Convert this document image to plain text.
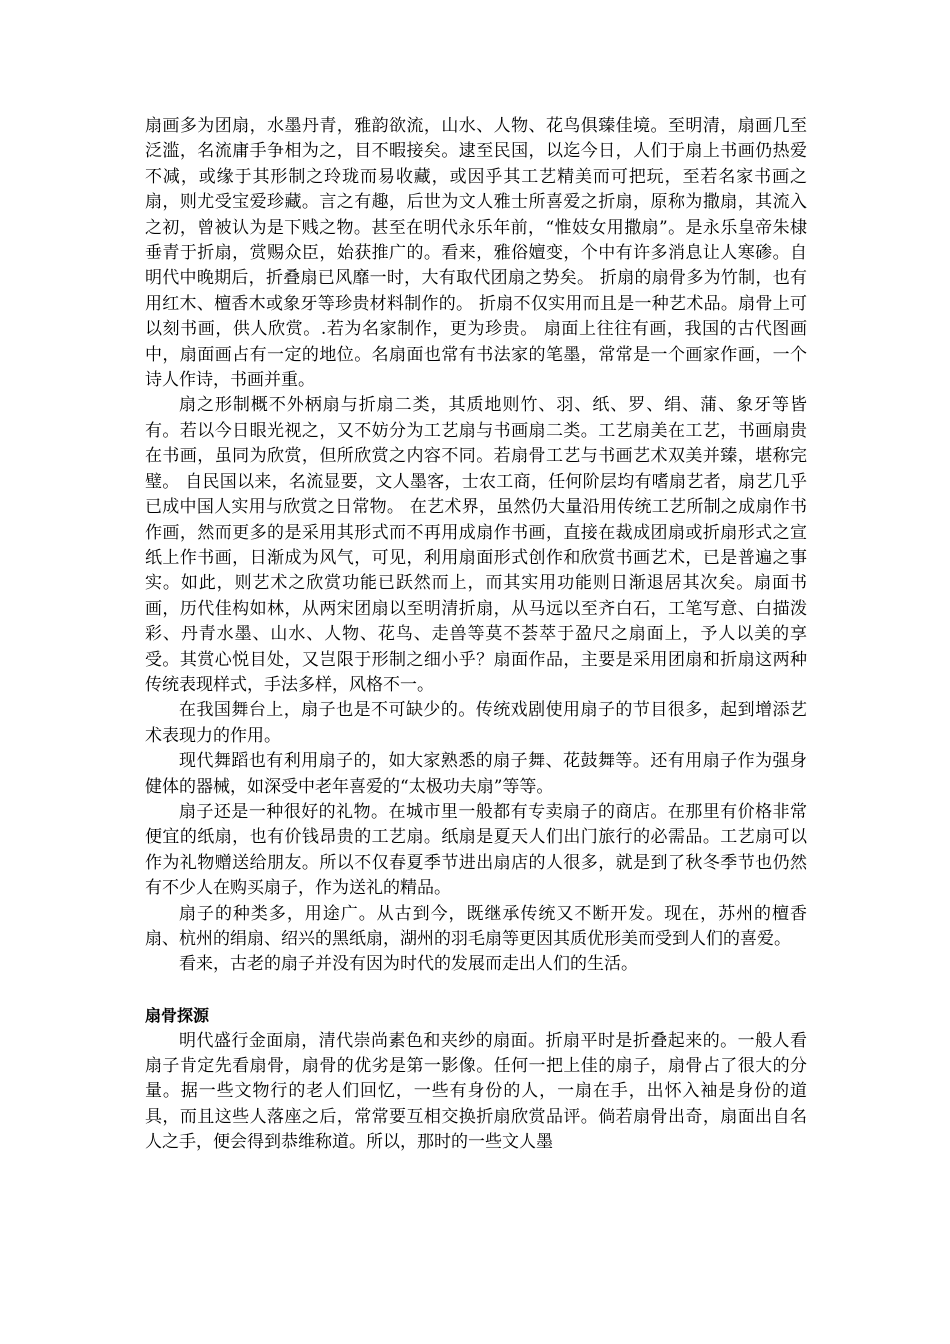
扇画多为团扇，水墨丹青，雅韵欲流，山水、人物、花鸟俱臻佳境。至明清，扇画几至泛滥，名流庸手争相为之，目不暇接矣。逮至民国，以迄今日，人们于扇上书画仍热爱不减，或缘于其形制之玲珑而易收藏，或因乎其工艺精美而可把玩，至若名家书画之扇，则尤受宝爱珍藏。言之有趣，后世为文人雅士所喜爱之折扇，原称为撒扇，其流入之初，曾被认为是下贱之物。甚至在明代永乐年前，“惟妓女用撒扇”。是永乐皇帝朱棣垂青于折扇，赏赐众臣，始获推广的。看来，雅俗嬗变，个中有许多消息让人寒碜。自明代中晚期后，折叠扇已风靡一时，大有取代团扇之势矣。 折扇的扇骨多为竹制，也有用红木、檀香木或象牙等珍贵材料制作的。 折扇不仅实用而且是一种艺术品。扇骨上可以刻书画，供人欣赏。.若为名家制作，更为珍贵。 扇面上往往有画，我国的古代图画中，扇面画占有一定的地位。名扇面也常有书法家的笔墨，常常是一个画家作画，一个诗人作诗，书画并重。

扇之形制概不外柄扇与折扇二类，其质地则竹、羽、纸、罗、绢、蒲、象牙等皆有。若以今日眼光视之，又不妨分为工艺扇与书画扇二类。工艺扇美在工艺，书画扇贵在书画，虽同为欣赏，但所欣赏之内容不同。若扇骨工艺与书画艺术双美并臻，堪称完璧。 自民国以来，名流显要，文人墨客，士农工商，任何阶层均有嗜扇艺者，扇艺几乎已成中国人实用与欣赏之日常物。 在艺术界，虽然仍大量沿用传统工艺所制之成扇作书作画，然而更多的是采用其形式而不再用成扇作书画，直接在裁成团扇或折扇形式之宣纸上作书画，日渐成为风气，可见，利用扇面形式创作和欣赏书画艺术，已是普遍之事实。如此，则艺术之欣赏功能已跃然而上，而其实用功能则日渐退居其次矣。扇面书画，历代佳构如林，从两宋团扇以至明清折扇，从马远以至齐白石，工笔写意、白描泼彩、丹青水墨、山水、人物、花鸟、走兽等莫不荟萃于盈尺之扇面上，予人以美的享受。其赏心悦目处，又岂限于形制之细小乎？扇面作品，主要是采用团扇和折扇这两种传统表现样式，手法多样，风格不一。

在我国舞台上，扇子也是不可缺少的。传统戏剧使用扇子的节目很多，起到增添艺术表现力的作用。

现代舞蹈也有利用扇子的，如大家熟悉的扇子舞、花鼓舞等。还有用扇子作为强身健体的器械，如深受中老年喜爱的“太极功夫扇”等等。

扇子还是一种很好的礼物。在城市里一般都有专卖扇子的商店。在那里有价格非常便宜的纸扇，也有价钱昂贵的工艺扇。纸扇是夏天人们出门旅行的必需品。工艺扇可以作为礼物赠送给朋友。所以不仅春夏季节进出扇店的人很多，就是到了秋冬季节也仍然有不少人在购买扇子，作为送礼的精品。

扇子的种类多，用途广。从古到今，既继承传统又不断开发。现在，苏州的檀香扇、杭州的绢扇、绍兴的黑纸扇，湖州的羽毛扇等更因其质优形美而受到人们的喜爱。

看来，古老的扇子并没有因为时代的发展而走出人们的生活。

扇骨探源

明代盛行金面扇，清代崇尚素色和夹纱的扇面。折扇平时是折叠起来的。一般人看扇子肯定先看扇骨，扇骨的优劣是第一影像。任何一把上佳的扇子，扇骨占了很大的分量。据一些文物行的老人们回忆，一些有身份的人，一扇在手，出怀入袖是身份的道具，而且这些人落座之后，常常要互相交换折扇欣赏品评。倘若扇骨出奇，扇面出自名人之手，便会得到恭维称道。所以，那时的一些文人墨
